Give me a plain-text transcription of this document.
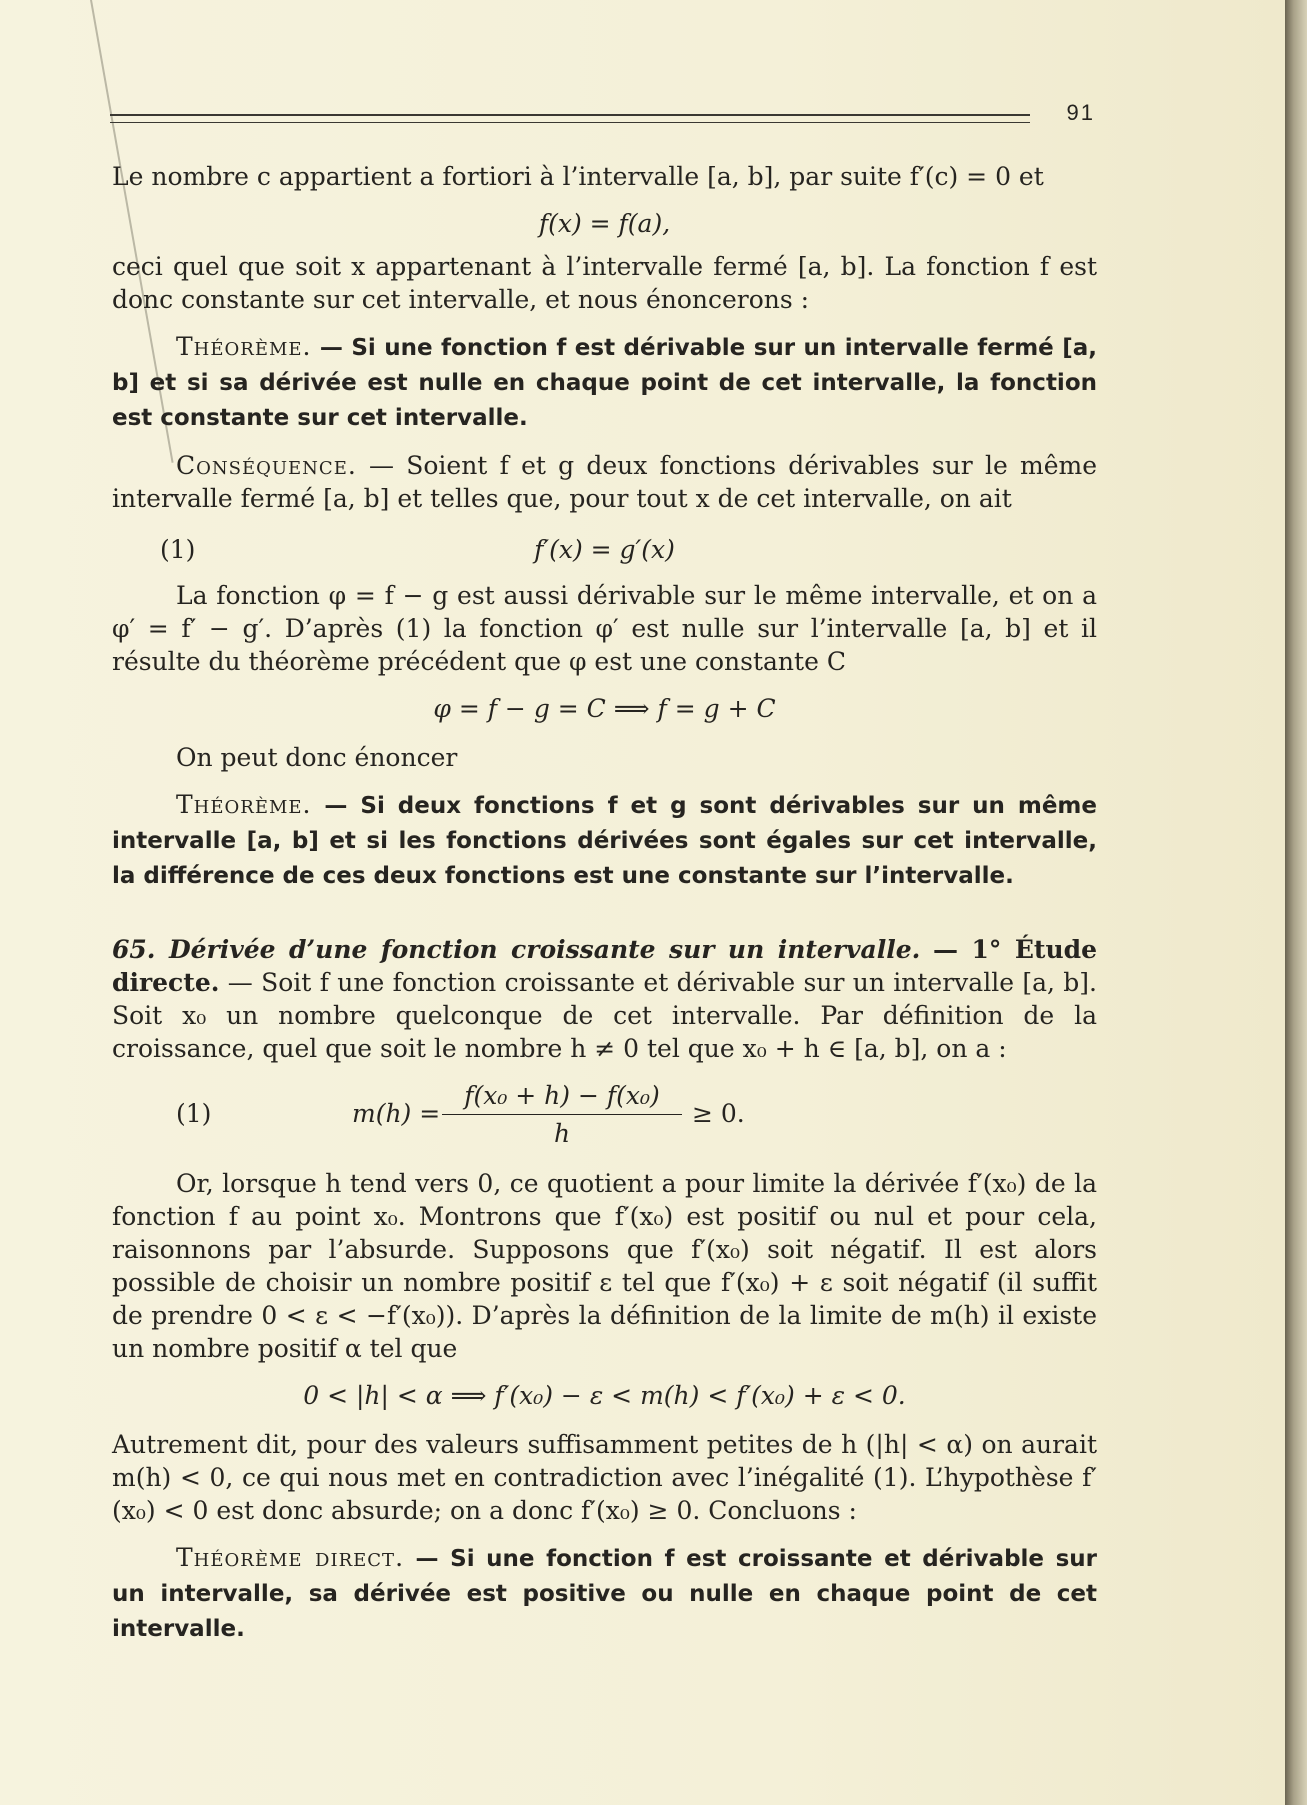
91

Le nombre c appartient a fortiori à l’intervalle [a, b], par suite f′(c) = 0 et

f(x) = f(a),

ceci quel que soit x appartenant à l’intervalle fermé [a, b]. La fonction f est donc constante sur cet intervalle, et nous énoncerons :

Théorème. — Si une fonction f est dérivable sur un intervalle fermé [a, b] et si sa dérivée est nulle en chaque point de cet intervalle, la fonction est constante sur cet intervalle.

Conséquence. — Soient f et g deux fonctions dérivables sur le même intervalle fermé [a, b] et telles que, pour tout x de cet intervalle, on ait

(1)	f′(x) = g′(x)

La fonction φ = f − g est aussi dérivable sur le même intervalle, et on a φ′ = f′ − g′. D’après (1) la fonction φ′ est nulle sur l’intervalle [a, b] et il résulte du théorème précédent que φ est une constante C

φ = f − g = C ⟹ f = g + C

On peut donc énoncer

Théorème. — Si deux fonctions f et g sont dérivables sur un même intervalle [a, b] et si les fonctions dérivées sont égales sur cet intervalle, la différence de ces deux fonctions est une constante sur l’intervalle.

65. Dérivée d’une fonction croissante sur un intervalle. — 1° Étude directe. — Soit f une fonction croissante et dérivable sur un intervalle [a, b]. Soit x₀ un nombre quelconque de cet intervalle. Par définition de la croissance, quel que soit le nombre h ≠ 0 tel que x₀ + h ∈ [a, b], on a :

(1)	$m(h) = \frac{\text{f(x₀ + h) − f(x₀)}}{h} \ge 0$.

Or, lorsque h tend vers 0, ce quotient a pour limite la dérivée f′(x₀) de la fonction f au point x₀. Montrons que f′(x₀) est positif ou nul et pour cela, raisonnons par l’absurde. Supposons que f′(x₀) soit négatif. Il est alors possible de choisir un nombre positif ε tel que f′(x₀) + ε soit négatif (il suffit de prendre 0 < ε < −f′(x₀)). D’après la définition de la limite de m(h) il existe un nombre positif α tel que

0 < |h| < α ⟹ f′(x₀) − ε < m(h) < f′(x₀) + ε < 0.

Autrement dit, pour des valeurs suffisamment petites de h (|h| < α) on aurait m(h) < 0, ce qui nous met en contradiction avec l’inégalité (1). L’hypothèse f′(x₀) < 0 est donc absurde; on a donc f′(x₀) ≥ 0. Concluons :

Théorème direct. — Si une fonction f est croissante et dérivable sur un intervalle, sa dérivée est positive ou nulle en chaque point de cet intervalle.
